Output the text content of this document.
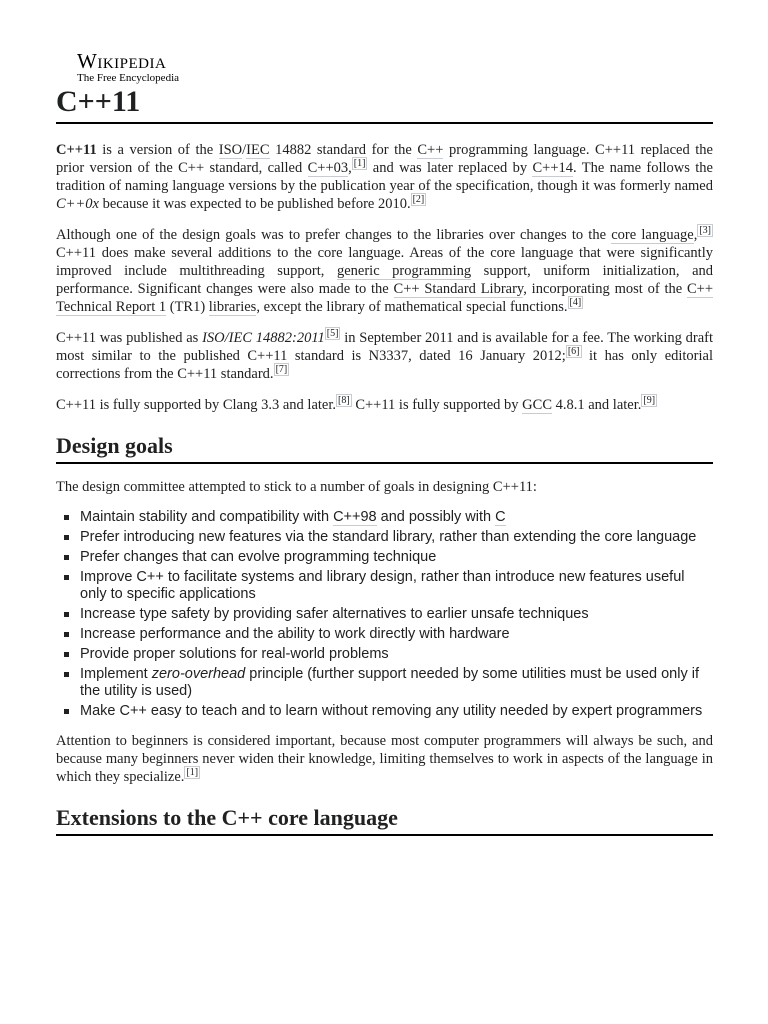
Wikipedia
The Free Encyclopedia
C++11

C++11 is a version of the ISO/IEC 14882 standard for the C++ programming language. C++11 replaced the prior version of the C++ standard, called C++03, [1] and was later replaced by C++14. The name follows the tradition of naming language versions by the publication year of the specification, though it was formerly named C++0x because it was expected to be published before 2010. [2]

Although one of the design goals was to prefer changes to the libraries over changes to the core language, [3] C++11 does make several additions to the core language. Areas of the core language that were significantly improved include multithreading support, generic programming support, uniform initialization, and performance. Significant changes were also made to the C++ Standard Library, incorporating most of the C++ Technical Report 1 (TR1) libraries, except the library of mathematical special functions. [4]

C++11 was published as ISO/IEC 14882:2011 [5] in September 2011 and is available for a fee. The working draft most similar to the published C++11 standard is N3337, dated 16 January 2012; [6] it has only editorial corrections from the C++11 standard. [7]

C++11 is fully supported by Clang 3.3 and later. [8] C++11 is fully supported by GCC 4.8.1 and later. [9]

Design goals

The design committee attempted to stick to a number of goals in designing C++11:

Maintain stability and compatibility with C++98 and possibly with C
Prefer introducing new features via the standard library, rather than extending the core language
Prefer changes that can evolve programming technique
Improve C++ to facilitate systems and library design, rather than introduce new features useful only to specific applications
Increase type safety by providing safer alternatives to earlier unsafe techniques
Increase performance and the ability to work directly with hardware
Provide proper solutions for real-world problems
Implement zero-overhead principle (further support needed by some utilities must be used only if the utility is used)
Make C++ easy to teach and to learn without removing any utility needed by expert programmers

Attention to beginners is considered important, because most computer programmers will always be such, and because many beginners never widen their knowledge, limiting themselves to work in aspects of the language in which they specialize. [1]

Extensions to the C++ core language
